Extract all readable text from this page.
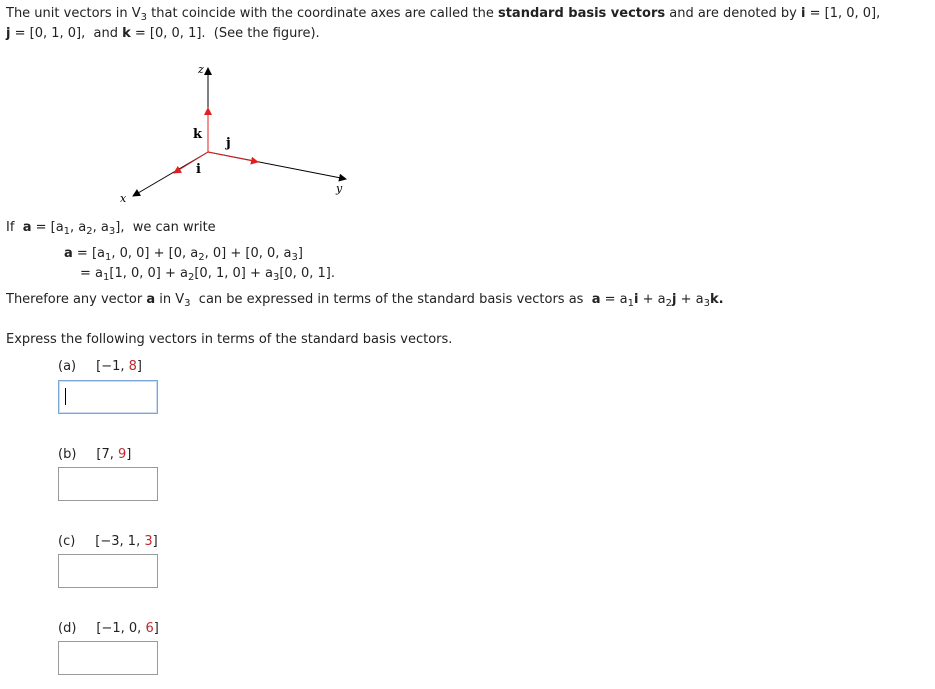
The unit vectors in $V_3$ that coincide with the coordinate axes are called the standard basis vectors and are denoted by i = [1, 0, 0],
j = [0, 1, 0],  and k = [0, 0, 1].  (See the figure).
z
y
x
k
j
i
If  $a = [a_1$, $a_2$, $a_3$],  we can write
$a = [a_1$, 0, 0] + [0, $a_2$, 0] + [0, 0, $a_3$]
= $a_1[1$, 0, $0] + a_2[0$, 1, $0] + a_3[0$, 0, 1].
Therefore any vector a in $V_3$  can be expressed in terms of the standard basis vectors as  $a = a_1i + a_2j + a_3k$.
Express the following vectors in terms of the standard basis vectors.
(a) [−1, 8]
(b) [7, 9]
(c) [−3, 1, 3]
(d) [−1, 0, 6]
